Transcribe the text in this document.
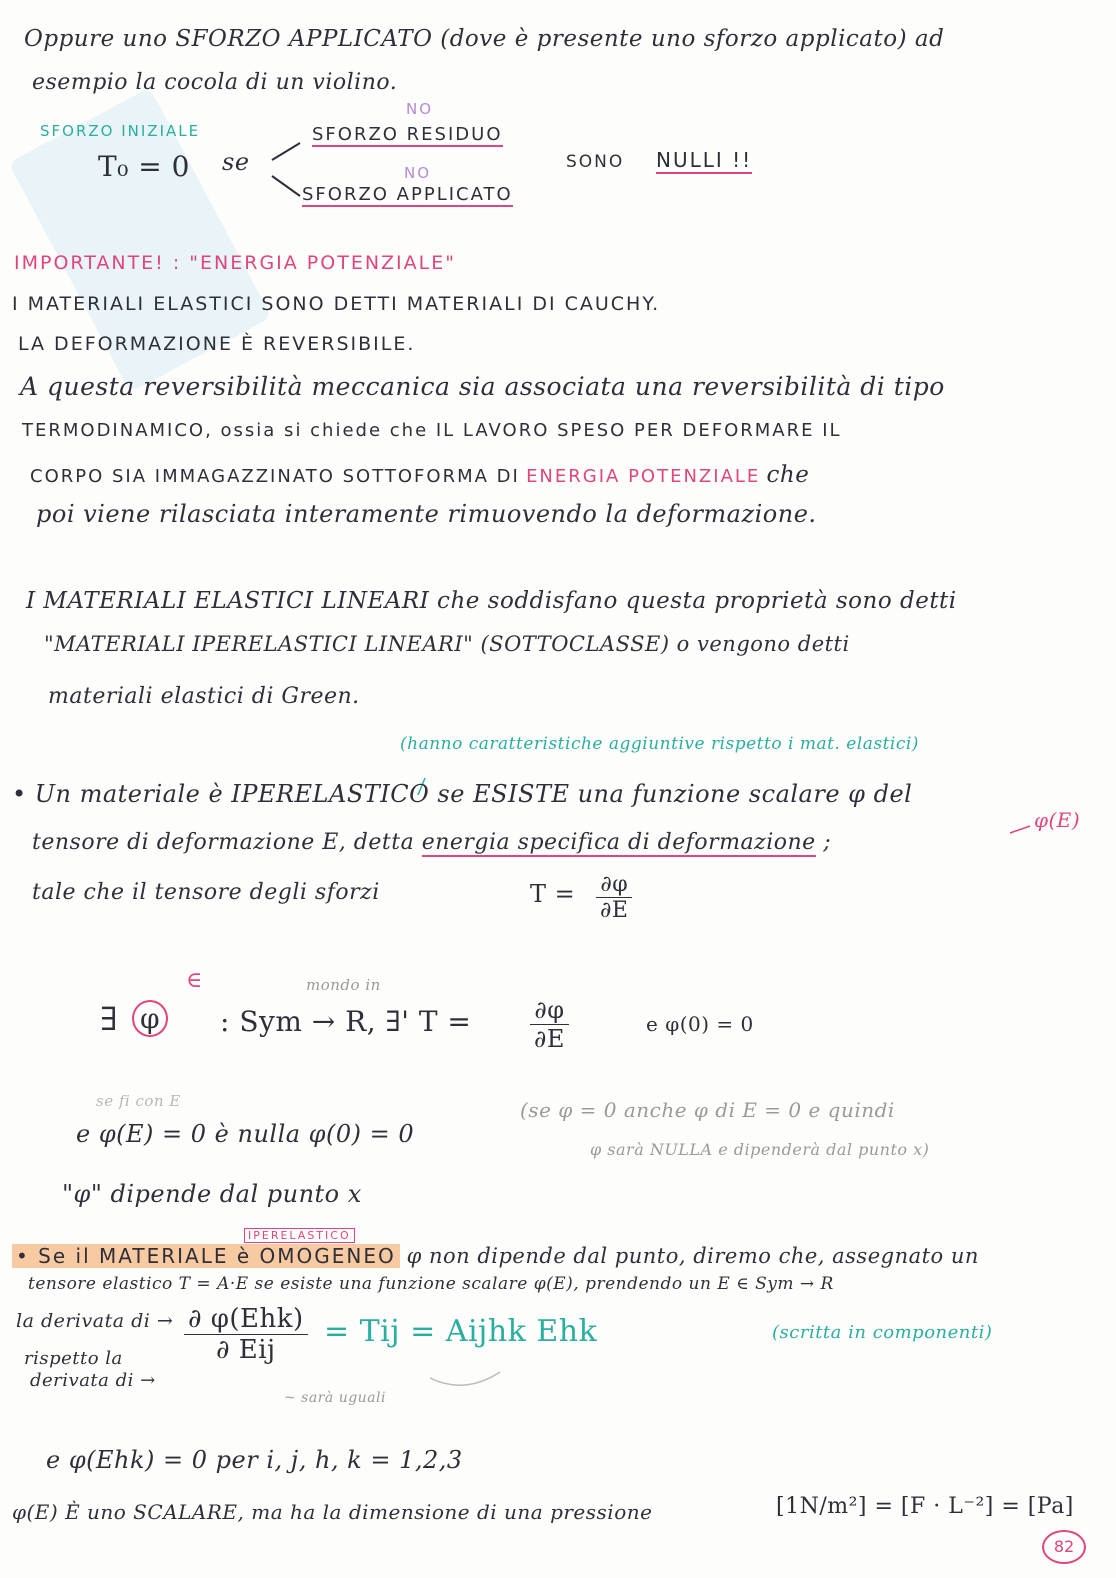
Oppure uno SFORZO APPLICATO (dove è presente uno sforzo applicato) ad
esempio la cocola di un violino.
SFORZO INIZIALE
T₀ = 0 se
NO
SFORZO RESIDUO
NO
SFORZO APPLICATO
SONO NULLI !!
IMPORTANTE! : "ENERGIA POTENZIALE"
I MATERIALI ELASTICI SONO DETTI MATERIALI DI CAUCHY.
LA DEFORMAZIONE È REVERSIBILE.
A questa reversibilità meccanica sia associata una reversibilità di tipo
TERMODINAMICO, ossia si chiede che IL LAVORO SPESO PER DEFORMARE IL
CORPO SIA IMMAGAZZINATO SOTTOFORMA DI ENERGIA POTENZIALE che
poi viene rilasciata interamente rimuovendo la deformazione.
I MATERIALI ELASTICI LINEARI che soddisfano questa proprietà sono detti
"MATERIALI IPERELASTICI LINEARI" (SOTTOCLASSE) o vengono detti
materiali elastici di Green.
(hanno caratteristiche aggiuntive rispetto i mat. elastici)
• Un materiale è IPERELASTICO se ESISTE una funzione scalare φ del
tensore di deformazione E, detta energia specifica di deformazione ;
φ(E)
tale che il tensore degli sforzi	$T = \frac{\partial\varphi}{\partial E}$
∃ φ
∈	mondo in
: Sym → R, ∃' $T = \frac{\partial\varphi}{\partial E}$	e φ(0) = 0
se fi con E
e φ(E) = 0 è nulla φ(0) = 0
(se φ = 0 anche φ di E = 0 e quindi
φ sarà NULLA e dipenderà dal punto x)
"φ" dipende dal punto x
IPERELASTICO
• Se il MATERIALE è OMOGENEO φ non dipende dal punto, diremo che, assegnato un
tensore elastico T = A·E se esiste una funzione scalare φ(E), prendendo un E ∈ Sym → R
la derivata di →
rispetto la
derivata di →
$\frac{\text{∂ φ(Ehk)}}{\text{∂ Eij}}$ = Tij = Aijhk Ehk	(scritta in componenti)
~ sarà uguali
e φ(Ehk) = 0 per i, j, h, k = 1,2,3
φ(E) È uno SCALARE, ma ha la dimensione di una pressione	[1N/m²] = [F · L⁻²] = [Pa]
82
